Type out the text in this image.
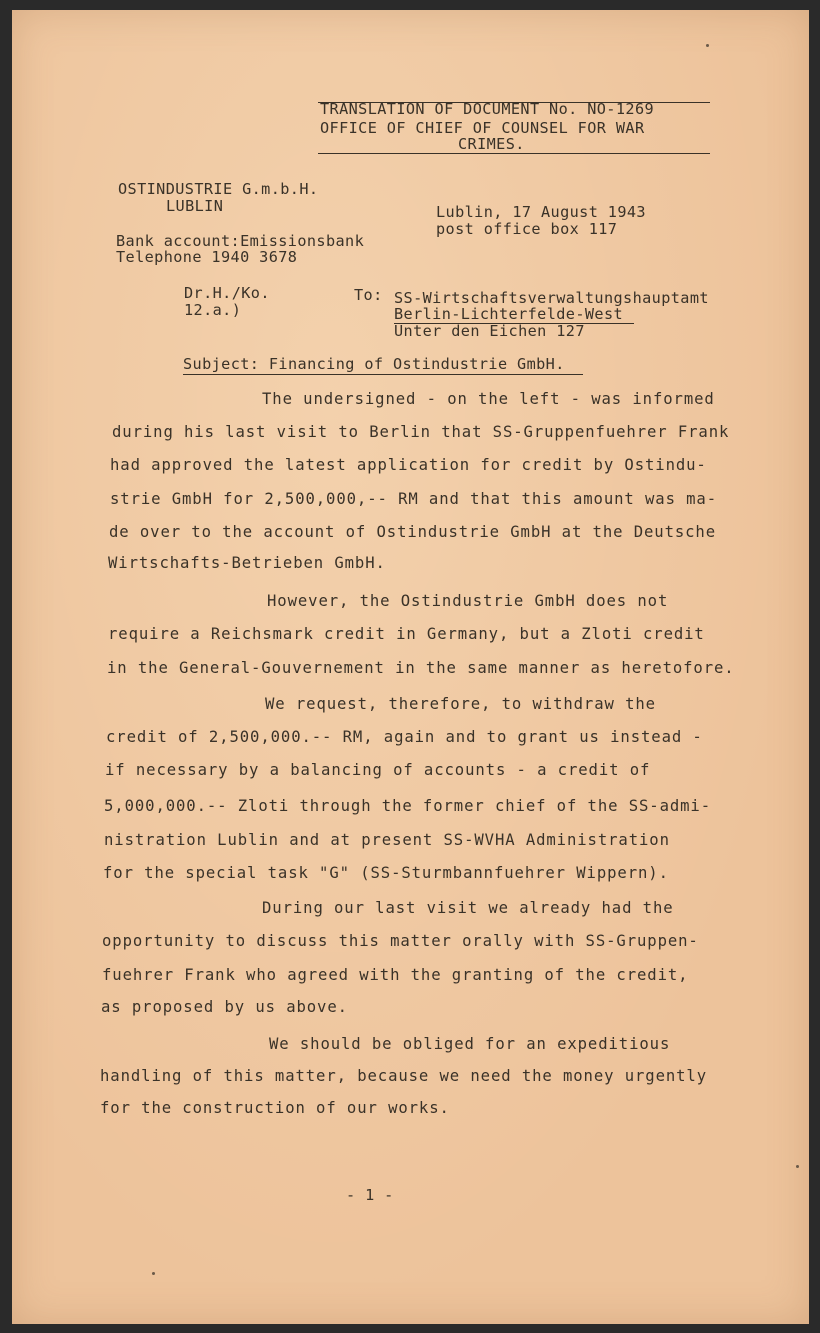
TRANSLATION OF DOCUMENT No. NO-1269
OFFICE OF CHIEF OF COUNSEL FOR WAR
CRIMES.
OSTINDUSTRIE G.m.b.H.
LUBLIN
Bank account:Emissionsbank
Telephone 1940 3678
Lublin, 17 August 1943
post office box 117
Dr.H./Ko.
12.a.)
To: SS-Wirtschaftsverwaltungshauptamt
Berlin-Lichterfelde-West
Unter den Eichen 127
Subject: Financing of Ostindustrie GmbH.
The undersigned - on the left - was informed
during his last visit to Berlin that SS-Gruppenfuehrer Frank
had approved the latest application for credit by Ostindu-
strie GmbH for 2,500,000,-- RM and that this amount was ma-
de over to the account of Ostindustrie GmbH at the Deutsche
Wirtschafts-Betrieben GmbH.
However, the Ostindustrie GmbH does not
require a Reichsmark credit in Germany, but a Zloti credit
in the General-Gouvernement in the same manner as heretofore.
We request, therefore, to withdraw the
credit of 2,500,000.-- RM, again and to grant us instead -
if necessary by a balancing of accounts - a credit of
5,000,000.-- Zloti through the former chief of the SS-admi-
nistration Lublin and at present SS-WVHA Administration
for the special task "G" (SS-Sturmbannfuehrer Wippern).
During our last visit we already had the
opportunity to discuss this matter orally with SS-Gruppen-
fuehrer Frank who agreed with the granting of the credit,
as proposed by us above.
We should be obliged for an expeditious
handling of this matter, because we need the money urgently
for the construction of our works.
- 1 -
